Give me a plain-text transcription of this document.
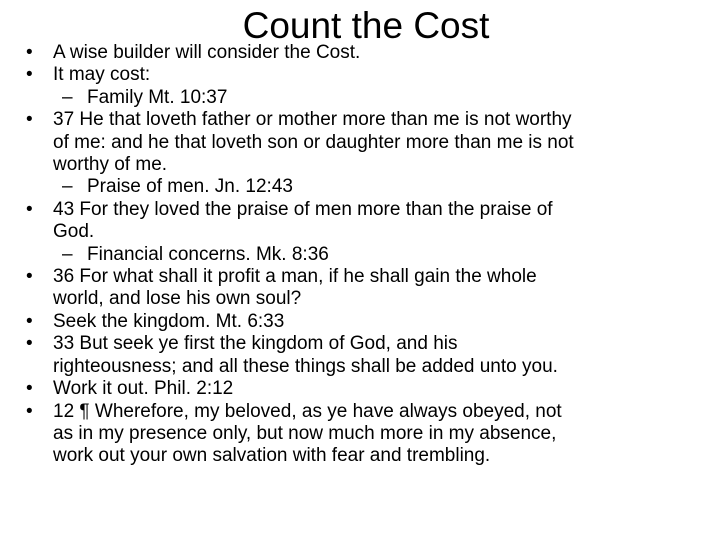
Count the Cost
• A wise builder will consider the Cost.
• It may cost:
– Family Mt. 10:37
• 37 He that loveth father or mother more than me is not worthy
of me: and he that loveth son or daughter more than me is not
worthy of me.
– Praise of men. Jn. 12:43
• 43 For they loved the praise of men more than the praise of
God.
– Financial concerns. Mk. 8:36
• 36 For what shall it profit a man, if he shall gain the whole
world, and lose his own soul?
• Seek the kingdom. Mt. 6:33
• 33 But seek ye first the kingdom of God, and his
righteousness; and all these things shall be added unto you.
• Work it out. Phil. 2:12
• 12 ¶ Wherefore, my beloved, as ye have always obeyed, not
as in my presence only, but now much more in my absence,
work out your own salvation with fear and trembling.
